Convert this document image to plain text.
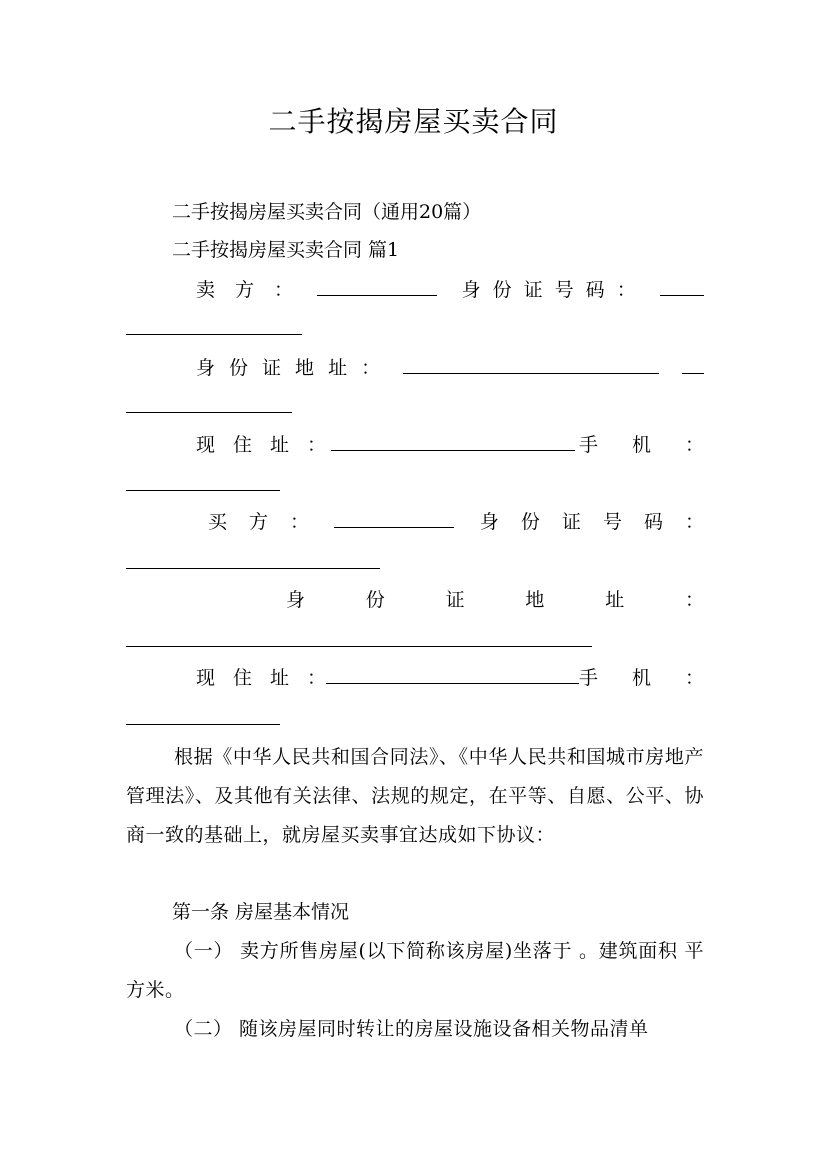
二手按揭房屋买卖合同
二手按揭房屋买卖合同（通用20篇）
二手按揭房屋买卖合同 篇1
卖 方 ：	身 份 证 号 码 ：
身 份 证 地 址 ：
现 住 址 ：	手 机 ：
买 方 ：	身 份 证 号 码 ：
身	份	证	地	址	：
现 住 址 ：	手 机 ：
根据《中华人民共和国合同法》、《中华人民共和国城市房地产管理法》、及其他有关法律、法规的规定，在平等、自愿、公平、协商一致的基础上，就房屋买卖事宜达成如下协议：
第一条 房屋基本情况
（一） 卖方所售房屋(以下简称该房屋)坐落于 。建筑面积 平方米。
（二） 随该房屋同时转让的房屋设施设备相关物品清单
